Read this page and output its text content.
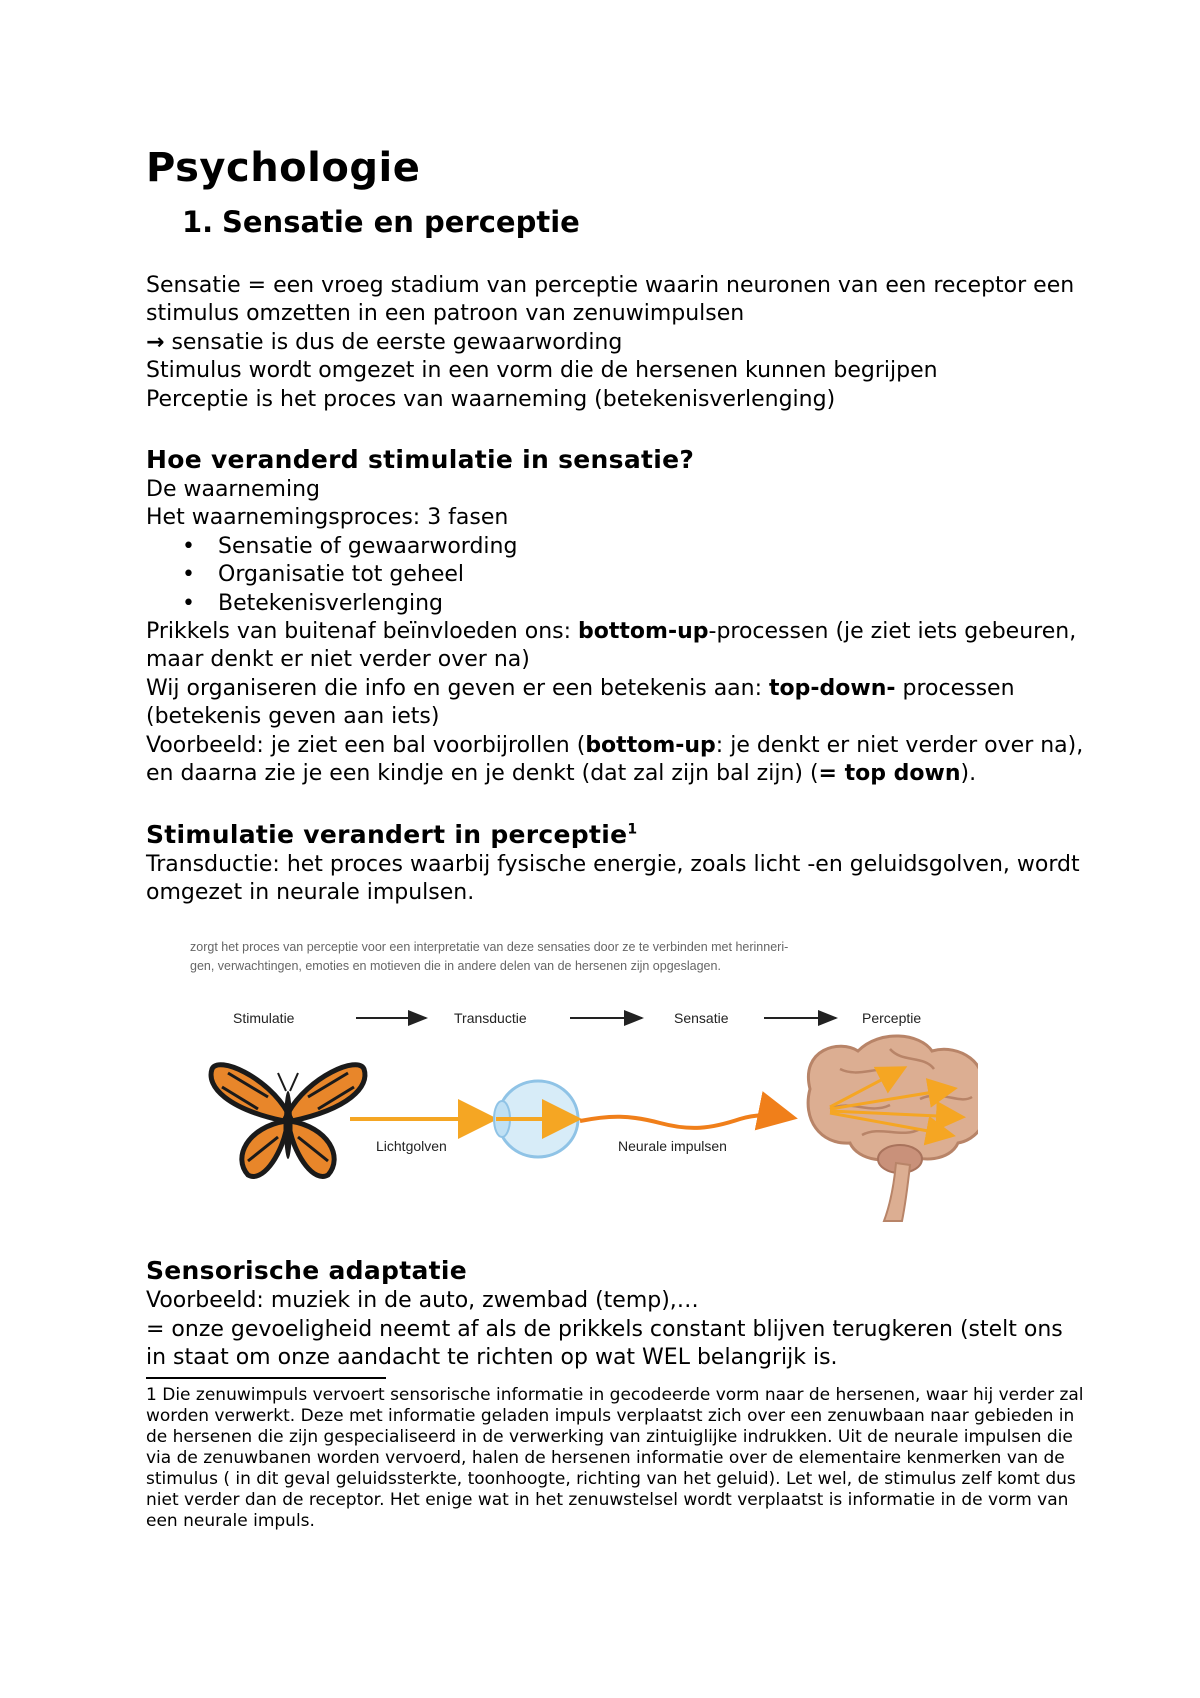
Psychologie
1. Sensatie en perceptie

Sensatie = een vroeg stadium van perceptie waarin neuronen van een receptor een stimulus omzetten in een patroon van zenuwimpulsen

→ sensatie is dus de eerste gewaarwording

Stimulus wordt omgezet in een vorm die de hersenen kunnen begrijpen

Perceptie is het proces van waarneming (betekenisverlenging)

Hoe veranderd stimulatie in sensatie?

De waarneming

Het waarnemingsproces: 3 fasen

• Sensatie of gewaarwording
• Organisatie tot geheel
• Betekenisverlenging

Prikkels van buitenaf beïnvloeden ons: bottom-up-processen (je ziet iets gebeuren, maar denkt er niet verder over na)

Wij organiseren die info en geven er een betekenis aan: top-down- processen (betekenis geven aan iets)

Voorbeeld: je ziet een bal voorbijrollen (bottom-up: je denkt er niet verder over na), en daarna zie je een kindje en je denkt (dat zal zijn bal zijn) (= top down).

Stimulatie verandert in perceptie$^1$

Transductie: het proces waarbij fysische energie, zoals licht -en geluidsgolven, wordt omgezet in neurale impulsen.

zorgt het proces van perceptie voor een interpretatie van deze sensaties door ze te verbinden met herinneri-
gen, verwachtingen, emoties en motieven die in andere delen van de hersenen zijn opgeslagen.
Stimulatie	Transductie	Sensatie	Perceptie
Lichtgolven	Neurale impulsen
Sensorische adaptatie

Voorbeeld: muziek in de auto, zwembad (temp),…

= onze gevoeligheid neemt af als de prikkels constant blijven terugkeren (stelt ons in staat om onze aandacht te richten op wat WEL belangrijk is.

1 Die zenuwimpuls vervoert sensorische informatie in gecodeerde vorm naar de hersenen, waar hij verder zal worden verwerkt. Deze met informatie geladen impuls verplaatst zich over een zenuwbaan naar gebieden in de hersenen die zijn gespecialiseerd in de verwerking van zintuiglijke indrukken. Uit de neurale impulsen die via de zenuwbanen worden vervoerd, halen de hersenen informatie over de elementaire kenmerken van de stimulus ( in dit geval geluidssterkte, toonhoogte, richting van het geluid). Let wel, de stimulus zelf komt dus niet verder dan de receptor. Het enige wat in het zenuwstelsel wordt verplaatst is informatie in de vorm van een neurale impuls.
